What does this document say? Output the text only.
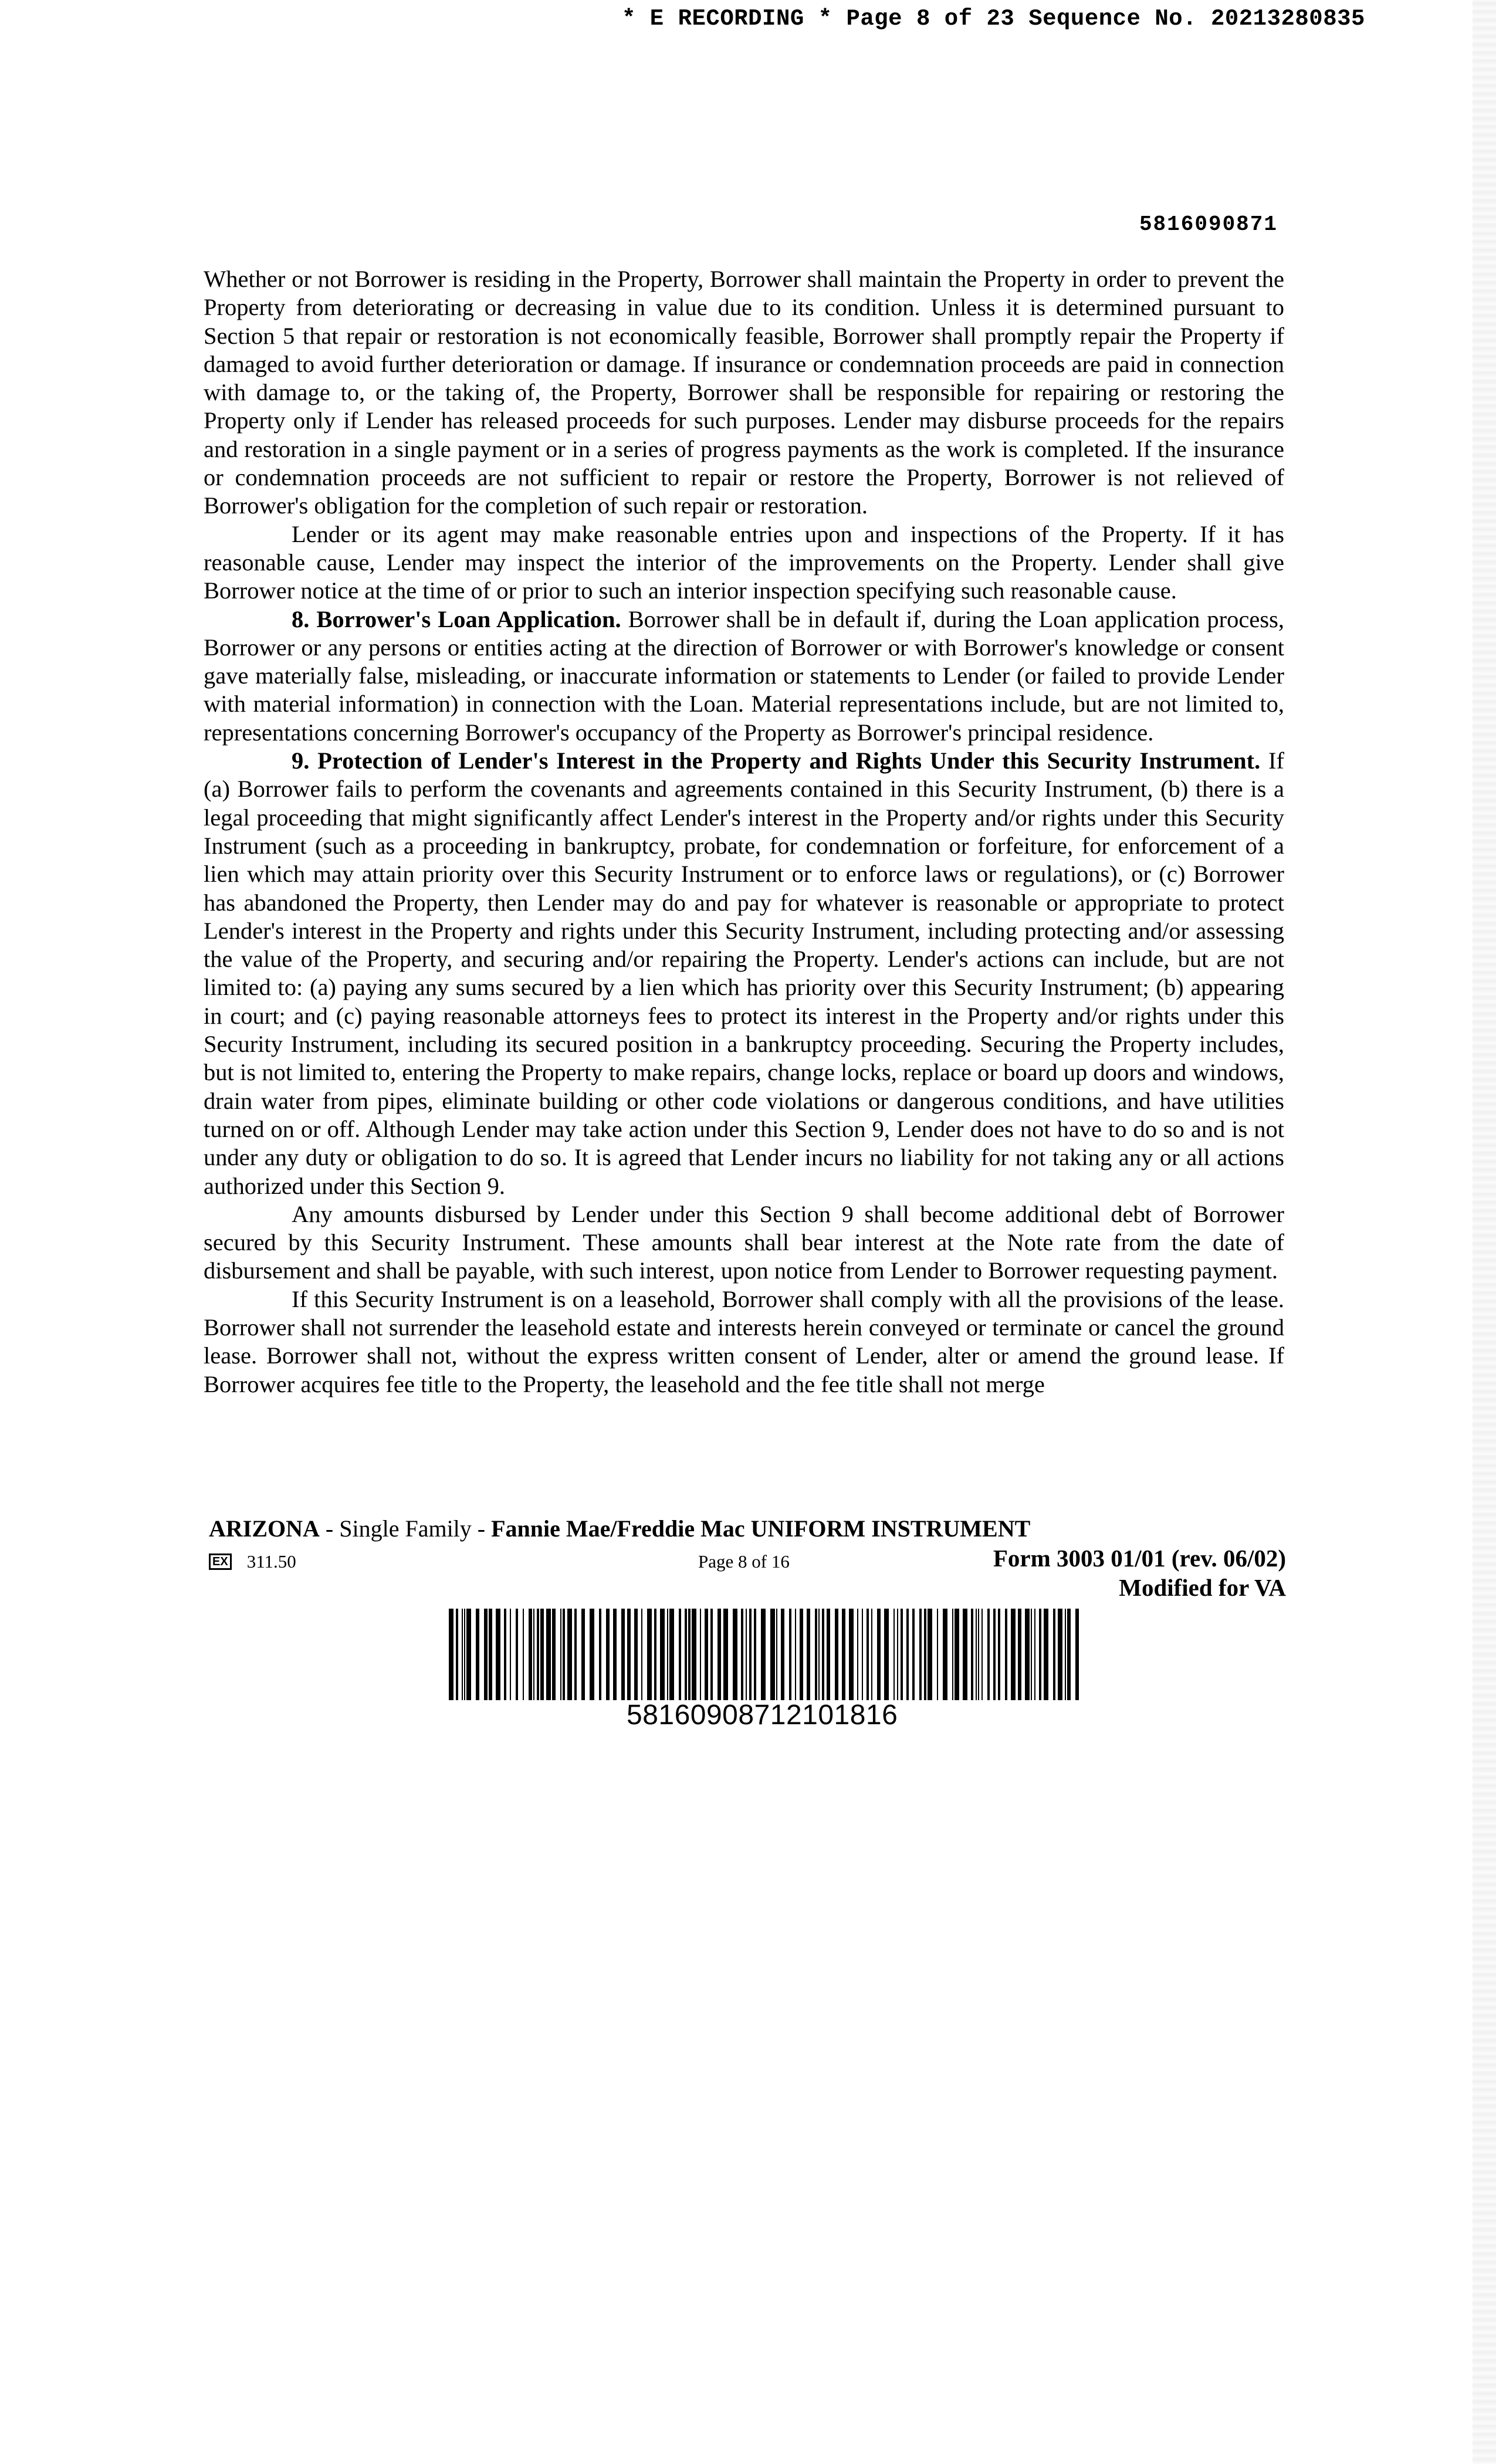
* E RECORDING * Page 8 of 23 Sequence No. 20213280835
5816090871

Whether or not Borrower is residing in the Property, Borrower shall maintain the Property in order to prevent the Property from deteriorating or decreasing in value due to its condition. Unless it is determined pursuant to Section 5 that repair or restoration is not economically feasible, Borrower shall promptly repair the Property if damaged to avoid further deterioration or damage. If insurance or condemnation proceeds are paid in connection with damage to, or the taking of, the Property, Borrower shall be responsible for repairing or restoring the Property only if Lender has released proceeds for such purposes. Lender may disburse proceeds for the repairs and restoration in a single payment or in a series of progress payments as the work is completed. If the insurance or condemnation proceeds are not sufficient to repair or restore the Property, Borrower is not relieved of Borrower's obligation for the completion of such repair or restoration.

Lender or its agent may make reasonable entries upon and inspections of the Property. If it has reasonable cause, Lender may inspect the interior of the improvements on the Property. Lender shall give Borrower notice at the time of or prior to such an interior inspection specifying such reasonable cause.

8. Borrower's Loan Application. Borrower shall be in default if, during the Loan application process, Borrower or any persons or entities acting at the direction of Borrower or with Borrower's knowledge or consent gave materially false, misleading, or inaccurate information or statements to Lender (or failed to provide Lender with material information) in connection with the Loan. Material representations include, but are not limited to, representations concerning Borrower's occupancy of the Property as Borrower's principal residence.

9. Protection of Lender's Interest in the Property and Rights Under this Security Instrument. If (a) Borrower fails to perform the covenants and agreements contained in this Security Instrument, (b) there is a legal proceeding that might significantly affect Lender's interest in the Property and/or rights under this Security Instrument (such as a proceeding in bankruptcy, probate, for condemnation or forfeiture, for enforcement of a lien which may attain priority over this Security Instrument or to enforce laws or regulations), or (c) Borrower has abandoned the Property, then Lender may do and pay for whatever is reasonable or appropriate to protect Lender's interest in the Property and rights under this Security Instrument, including protecting and/or assessing the value of the Property, and securing and/or repairing the Property. Lender's actions can include, but are not limited to: (a) paying any sums secured by a lien which has priority over this Security Instrument; (b) appearing in court; and (c) paying reasonable attorneys fees to protect its interest in the Property and/or rights under this Security Instrument, including its secured position in a bankruptcy proceeding. Securing the Property includes, but is not limited to, entering the Property to make repairs, change locks, replace or board up doors and windows, drain water from pipes, eliminate building or other code violations or dangerous conditions, and have utilities turned on or off. Although Lender may take action under this Section 9, Lender does not have to do so and is not under any duty or obligation to do so. It is agreed that Lender incurs no liability for not taking any or all actions authorized under this Section 9.

Any amounts disbursed by Lender under this Section 9 shall become additional debt of Borrower secured by this Security Instrument. These amounts shall bear interest at the Note rate from the date of disbursement and shall be payable, with such interest, upon notice from Lender to Borrower requesting payment.

If this Security Instrument is on a leasehold, Borrower shall comply with all the provisions of the lease. Borrower shall not surrender the leasehold estate and interests herein conveyed or terminate or cancel the ground lease. Borrower shall not, without the express written consent of Lender, alter or amend the ground lease. If Borrower acquires fee title to the Property, the leasehold and the fee title shall not merge

ARIZONA - Single Family - Fannie Mae/Freddie Mac UNIFORM INSTRUMENT
EX 311.50	Page 8 of 16	Form 3003 01/01 (rev. 06/02)
Modified for VA
58160908712101816
